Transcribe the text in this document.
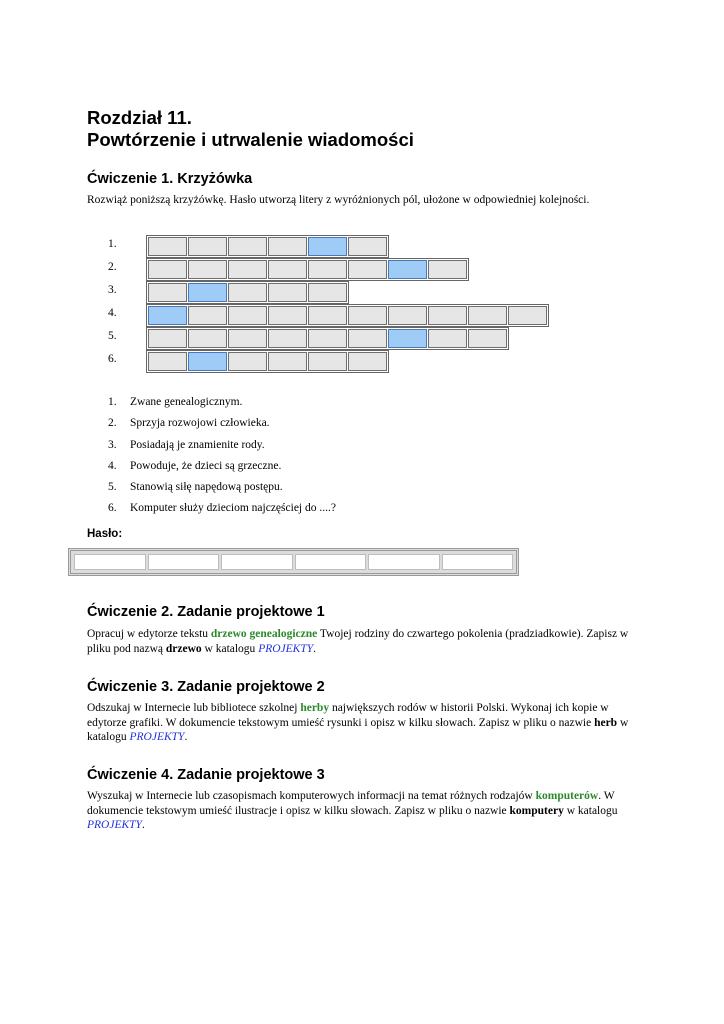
Rozdział 11.
Powtórzenie i utrwalenie wiadomości
Ćwiczenie 1. Krzyżówka

Rozwiąż poniższą krzyżówkę. Hasło utworzą litery z wyróżnionych pól, ułożone w odpowiedniej kolejności.

1.
2.
3.
4.
5.
6.
1.	Zwane genealogicznym.
2.	Sprzyja rozwojowi człowieka.
3.	Posiadają je znamienite rody.
4.	Powoduje, że dzieci są grzeczne.
5.	Stanowią siłę napędową postępu.
6.	Komputer służy dzieciom najczęściej do ....?
Hasło:
Ćwiczenie 2. Zadanie projektowe 1

Opracuj w edytorze tekstu drzewo genealogiczne Twojej rodziny do czwartego pokolenia (pradziadkowie). Zapisz w pliku pod nazwą drzewo w katalogu PROJEKTY.

Ćwiczenie 3. Zadanie projektowe 2

Odszukaj w Internecie lub bibliotece szkolnej herby największych rodów w historii Polski. Wykonaj ich kopie w edytorze grafiki. W dokumencie tekstowym umieść rysunki i opisz w kilku słowach. Zapisz w pliku o nazwie herb w katalogu PROJEKTY.

Ćwiczenie 4. Zadanie projektowe 3

Wyszukaj w Internecie lub czasopismach komputerowych informacji na temat różnych rodzajów komputerów. W dokumencie tekstowym umieść ilustracje i opisz w kilku słowach. Zapisz w pliku o nazwie komputery w katalogu PROJEKTY.
